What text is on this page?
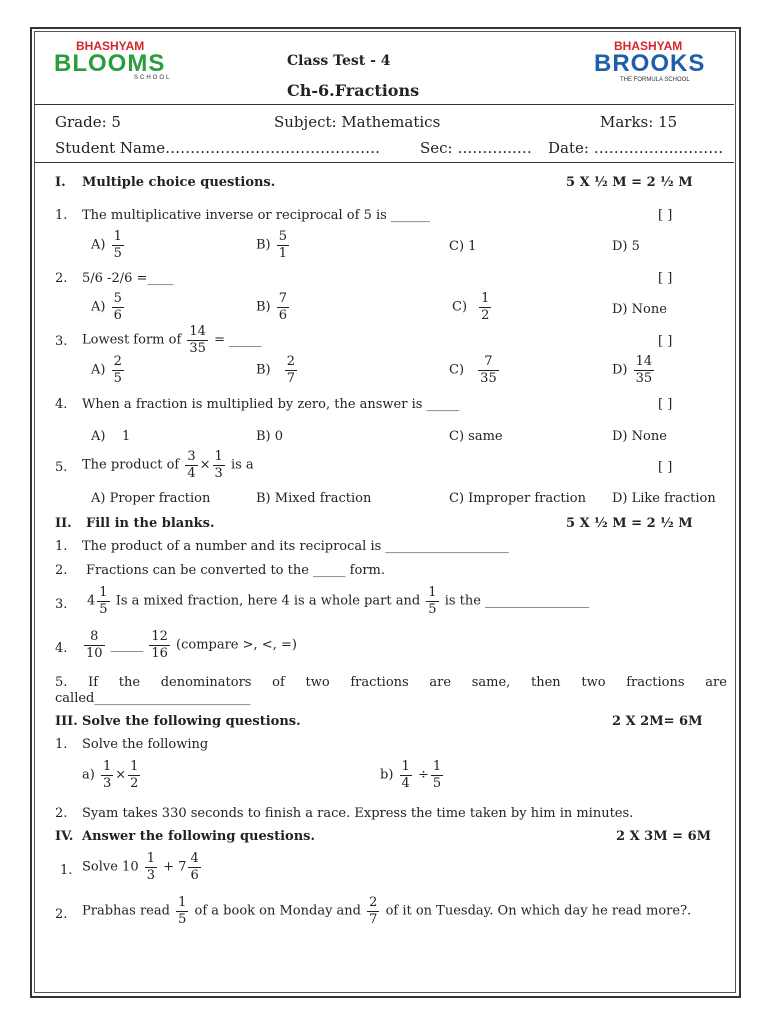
BHASHYAM
BLOOMS
SCHOOL
BHASHYAM
BROOKS
THE FORMULA SCHOOL
Class Test - 4
Ch-6.Fractions
Grade: 5	Subject: Mathematics	Marks: 15
Student Name…………………………………….	Sec: ………..…. Date: ……………..………
I. Multiple choice questions.	5 X ½ M = 2 ½ M
1. The multiplicative inverse or reciprocal of 5 is ______	[ ]
$A) \frac{1}{5}$	$B) \frac{5}{1}$	C) 1	D) 5
2. 5/6 -2/6 =____	[ ]
$A) \frac{5}{6}$	$B) \frac{7}{6}$	$C) \frac{1}{2}$	D) None
3. Lowest form of $\frac{14}{35}$ = _____	[ ]
$A) \frac{2}{5}$	$B) \frac{2}{7}$	$C) \frac{7}{35}$	$D) \frac{14}{35}$
4. When a fraction is multiplied by zero, the answer is _____	[ ]
A)    1	B) 0	C) same	D) None
5. The product of $\frac{3}{4} \times \frac{1}{3}$ is a	[ ]
A) Proper fraction	B) Mixed fraction	C) Improper fraction D) Like fraction
II. Fill in the blanks.	5 X ½ M = 2 ½ M
1. The product of a number and its reciprocal is ___________________
2. Fractions can be converted to the _____ form.
3. $4 \frac{1}{5}$ Is a mixed fraction, here 4 is a whole part and $\frac{1}{5}$ is the ________________
4. $\frac{8}{10}$ _____ $\frac{12}{16}$ (compare >, <, =)
5. If the denominators of two fractions are same, then two fractions are
called________________________
III. Solve the following questions.	2 X 2M= 6M
1. Solve the following
$a) \frac{1}{3} \times \frac{1}{2}$	$b) \frac{1}{4} \div \frac{1}{5}$
2. Syam takes 330 seconds to finish a race. Express the time taken by him in minutes.
IV. Answer the following questions.	2 X 3M = 6M
1. Solve $10 \frac{1}{3} + 7 \frac{4}{6}$
2. Prabhas read $\frac{1}{5}$ of a book on Monday and $\frac{2}{7}$ of it on Tuesday. On which day he read more?.
